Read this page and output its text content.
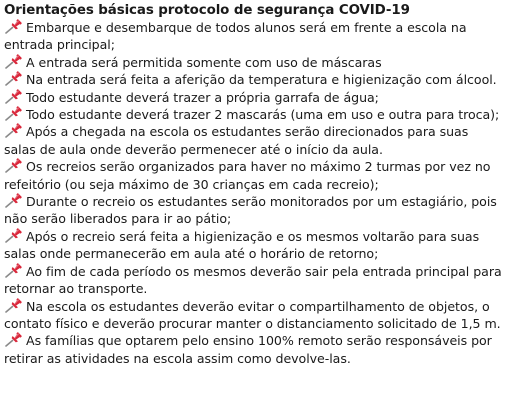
Orientações básicas protocolo de segurança COVID-19

Embarque e desembarque de todos alunos será em frente a escola na entrada principal;
A entrada será permitida somente com uso de máscaras
Na entrada será feita a aferição da temperatura e higienização com álcool.
Todo estudante deverá trazer a própria garrafa de água;
Todo estudante deverá trazer 2 mascarás (uma em uso e outra para troca);
Após a chegada na escola os estudantes serão direcionados para suas salas de aula onde deverão permenecer até o início da aula.
Os recreios serão organizados para haver no máximo 2 turmas por vez no refeitório (ou seja máximo de 30 crianças em cada recreio);
Durante o recreio os estudantes serão monitorados por um estagiário, pois não serão liberados para ir ao pátio;
Após o recreio será feita a higienização e os mesmos voltarão para suas salas onde permanecerão em aula até o horário de retorno;
Ao fim de cada período os mesmos deverão sair pela entrada principal para retornar ao transporte.
Na escola os estudantes deverão evitar o compartilhamento de objetos, o contato físico e deverão procurar manter o distanciamento solicitado de 1,5 m.
As famílias que optarem pelo ensino 100% remoto serão responsáveis por retirar as atividades na escola assim como devolve-las.
